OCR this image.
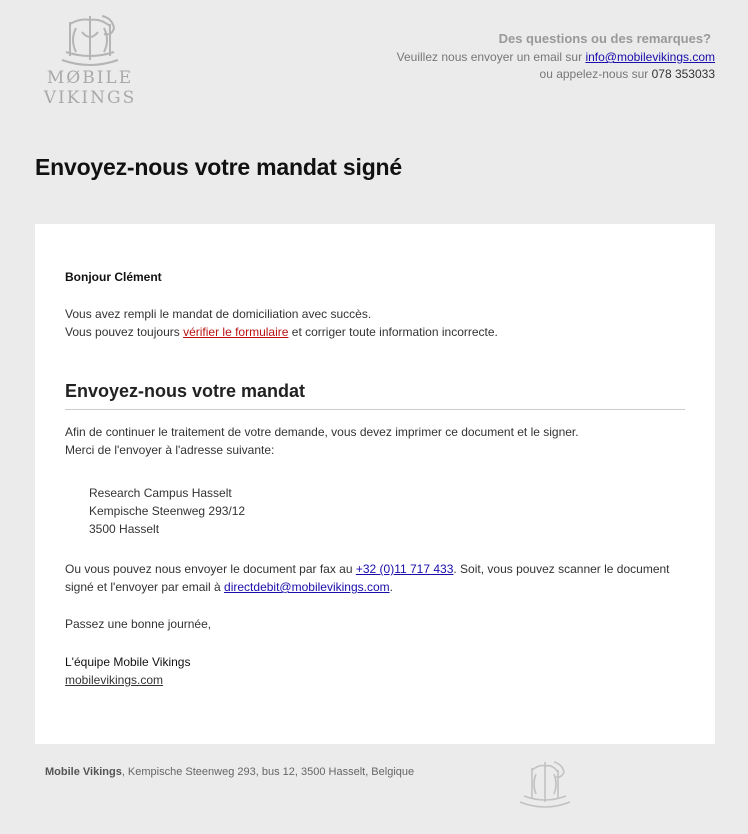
MØBILE
VIKINGS
Des questions ou des remarques?
Veuillez nous envoyer un email sur info@mobilevikings.com
ou appelez-nous sur 078 353033
Envoyez-nous votre mandat signé

Bonjour Clément

Vous avez rempli le mandat de domiciliation avec succès.

Vous pouvez toujours vérifier le formulaire et corriger toute information incorrecte.

Envoyez-nous votre mandat

Afin de continuer le traitement de votre demande, vous devez imprimer ce document et le signer.

Merci de l'envoyer à l'adresse suivante:

Research Campus Hasselt
Kempische Steenweg 293/12
3500 Hasselt

Ou vous pouvez nous envoyer le document par fax au +32 (0)11 717 433. Soit, vous pouvez scanner le document signé et l'envoyer par email à directdebit@mobilevikings.com.

Passez une bonne journée,

L'équipe Mobile Vikings

mobilevikings.com

Mobile Vikings, Kempische Steenweg 293, bus 12, 3500 Hasselt, Belgique
